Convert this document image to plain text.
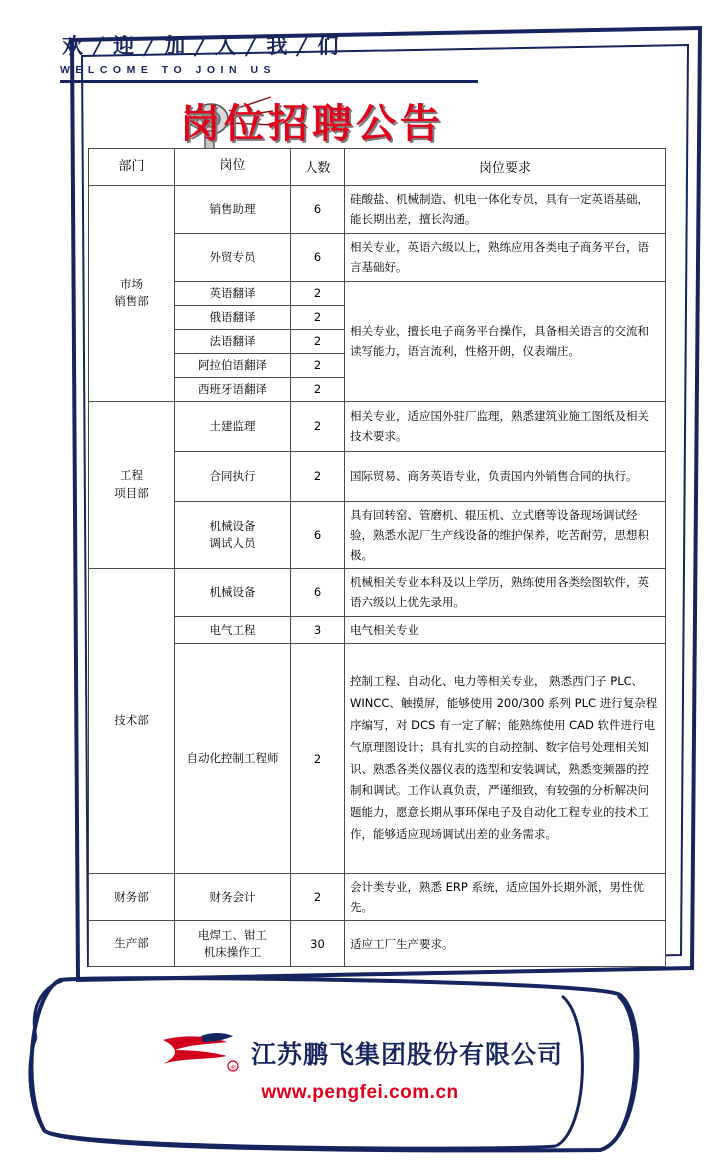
欢 / 迎 / 加 / 入 / 我 / 们
WELCOME TO JOIN US
岗位招聘公告
部门	岗位	人数	岗位要求
市场
销售部	销售助理	6	硅酸盐、机械制造、机电一体化专员，具有一定英语基础，能长期出差，擅长沟通。
	外贸专员	6	相关专业，英语六级以上，熟练应用各类电子商务平台，语言基础好。
	英语翻译	2	相关专业，擅长电子商务平台操作，具备相关语言的交流和读写能力，语言流利，性格开朗，仪表端庄。
	俄语翻译	2	
	法语翻译	2	
	阿拉伯语翻译	2	
	西班牙语翻译	2	
工程
项目部	土建监理	2	相关专业，适应国外驻厂监理，熟悉建筑业施工图纸及相关技术要求。
	合同执行	2	国际贸易、商务英语专业，负责国内外销售合同的执行。
	机械设备
调试人员	6	具有回转窑、管磨机、辊压机、立式磨等设备现场调试经验，熟悉水泥厂生产线设备的维护保养，吃苦耐劳，思想积极。
技术部	机械设备	6	机械相关专业本科及以上学历，熟练使用各类绘图软件，英语六级以上优先录用。
	电气工程	3	电气相关专业
	自动化控制工程师	2	控制工程、自动化、电力等相关专业， 熟悉西门子 PLC、WINCC、触摸屏，能够使用 200/300 系列 PLC 进行复杂程序编写，对 DCS 有一定了解；能熟练使用 CAD 软件进行电气原理图设计；具有扎实的自动控制、数字信号处理相关知识、熟悉各类仪器仪表的选型和安装调试，熟悉变频器的控制和调试。工作认真负责，严谨细致，有较强的分析解决问题能力，愿意长期从事环保电子及自动化工程专业的技术工作，能够适应现场调试出差的业务需求。
财务部	财务会计	2	会计类专业，熟悉 ERP 系统，适应国外长期外派，男性优先。
生产部	电焊工、钳工
机床操作工	30	适应工厂生产要求。
飞
® 江苏鹏飞集团股份有限公司
www.pengfei.com.cn
